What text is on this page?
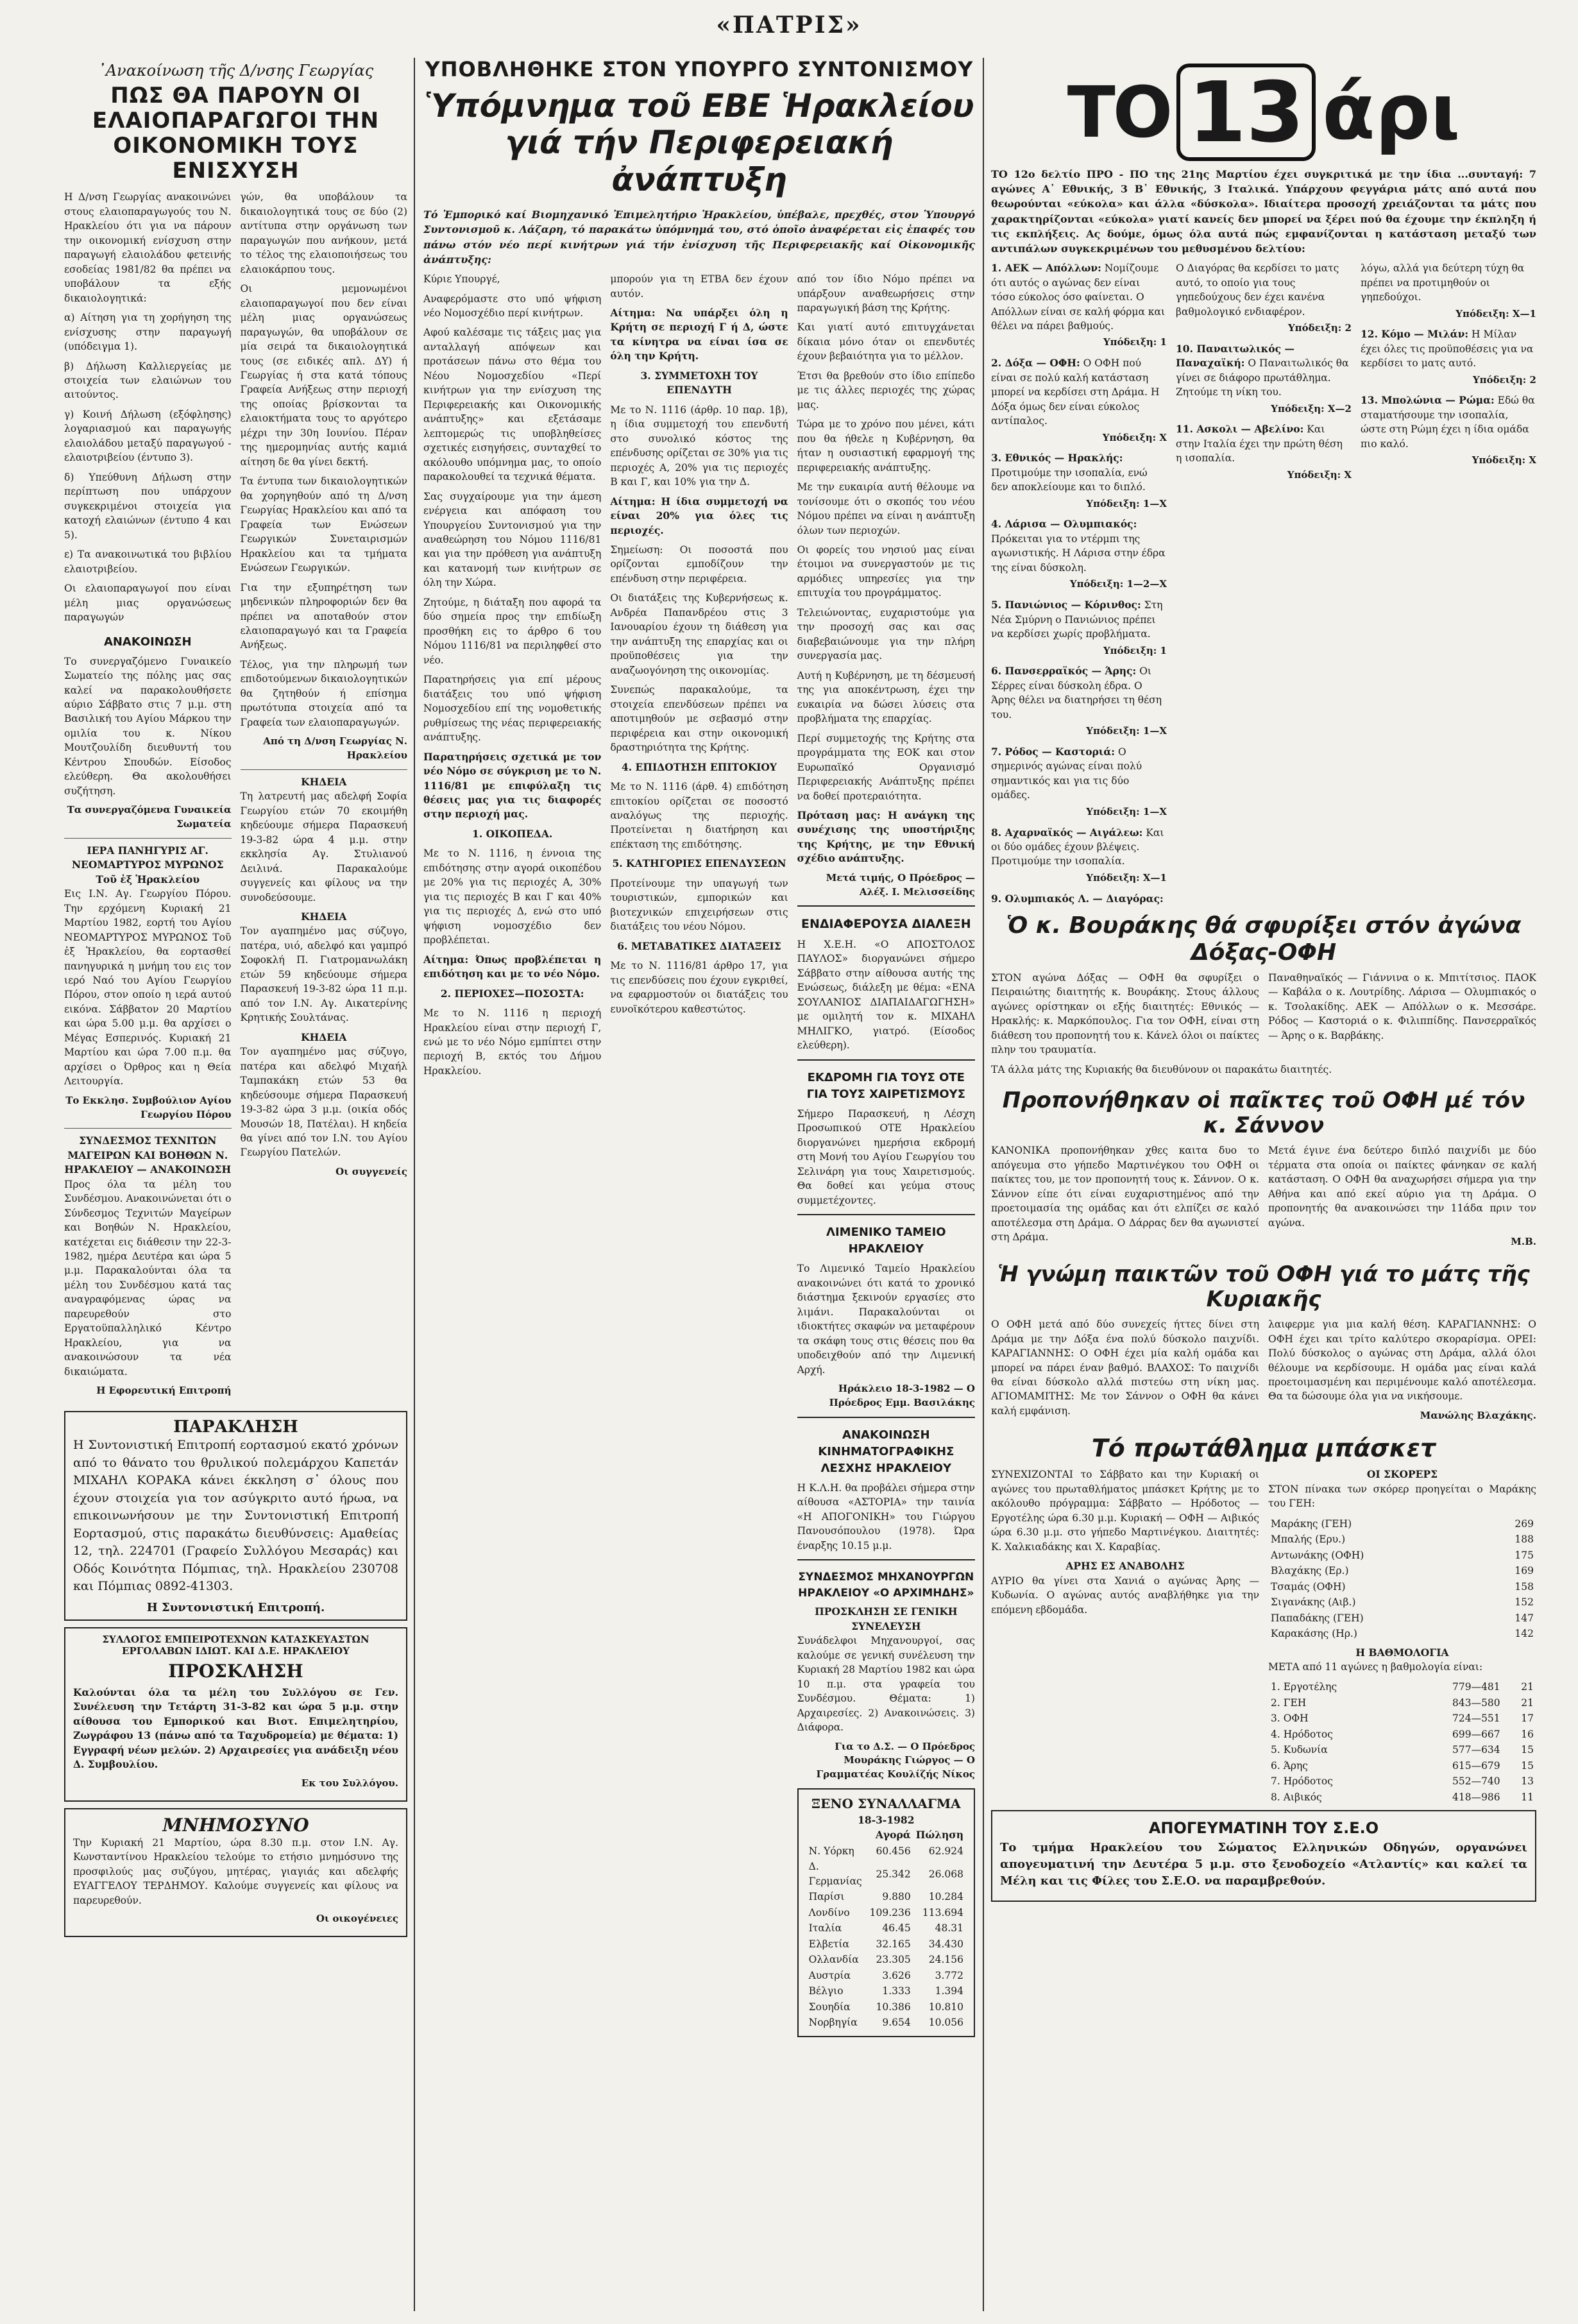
«ΠΑΤΡΙΣ»
᾽Ανακοίνωση τῆς Δ/νσης Γεωργίας
ΠΩΣ ΘΑ ΠΑΡΟΥΝ ΟΙ ΕΛΑΙΟΠΑΡΑΓΩΓΟΙ ΤΗΝ ΟΙΚΟΝΟΜΙΚΗ ΤΟΥΣ ΕΝΙΣΧΥΣΗ

Η Δ/νση Γεωργίας ανακοινώνει στους ελαιοπαραγωγούς του Ν. Ηρακλείου ότι για να πάρουν την οικονομική ενίσχυση στην παραγωγή ελαιολάδου φετεινής εσοδείας 1981/82 θα πρέπει να υποβάλουν τα εξής δικαιολογητικά:

α) Αίτηση για τη χορήγηση της ενίσχυσης στην παραγωγή (υπόδειγμα 1).

β) Δήλωση Καλλιεργείας με στοιχεία των ελαιώνων του αιτούντος.

γ) Κοινή Δήλωση (εξόφλησης) λογαριασμού και παραγωγής ελαιολάδου μεταξύ παραγωγού - ελαιοτριβείου (έντυπο 3).

δ) Υπεύθυνη Δήλωση στην περίπτωση που υπάρχουν συγκεκριμένοι στοιχεία για κατοχή ελαιώνων (έντυπο 4 και 5).

ε) Τα ανακοινωτικά του βιβλίου ελαιοτριβείου.

Οι ελαιοπαραγωγοί που είναι μέλη μιας οργανώσεως παραγωγών

ΑΝΑΚΟΙΝΩΣΗ

Το συνεργαζόμενο Γυναικείο Σωματείο της πόλης μας σας καλεί να παρακολουθήσετε αύριο Σάββατο στις 7 μ.μ. στη Βασιλική του Αγίου Μάρκου την ομιλία του κ. Νίκου Μουτζουλίδη διευθυντή του Κέντρου Σπουδών. Είσοδος ελεύθερη. Θα ακολουθήσει συζήτηση.

Τα συνεργαζόμενα Γυναικεία Σωματεία
ΙΕΡΑ ΠΑΝΗΓΥΡΙΣ ΑΓ. ΝΕΟΜΑΡΤΥΡΟΣ ΜΥΡΩΝΟΣ Τοῦ ἐξ Ἡρακλείου

Εις Ι.Ν. Αγ. Γεωργίου Πόρου. Την ερχόμενη Κυριακή 21 Μαρτίου 1982, εορτή του Αγίου ΝΕΟΜΑΡΤΥΡΟΣ ΜΥΡΩΝΟΣ Τοῦ ἐξ Ἡρακλείου, θα εορτασθεί πανηγυρικά η μνήμη του εις τον ιερό Ναό του Αγίου Γεωργίου Πόρου, στον οποίο η ιερά αυτού εικόνα. Σάββατον 20 Μαρτίου και ώρα 5.00 μ.μ. θα αρχίσει ο Μέγας Εσπερινός. Κυριακή 21 Μαρτίου και ώρα 7.00 π.μ. θα αρχίσει ο Όρθρος και η Θεία Λειτουργία.

Το Εκκλησ. Συμβούλιον Αγίου Γεωργίου Πόρου
ΣΥΝΔΕΣΜΟΣ ΤΕΧΝΙΤΩΝ ΜΑΓΕΙΡΩΝ ΚΑΙ ΒΟΗΘΩΝ Ν. ΗΡΑΚΛΕΙΟΥ — ΑΝΑΚΟΙΝΩΣΗ

Προς όλα τα μέλη του Συνδέσμου. Ανακοινώνεται ότι ο Σύνδεσμος Τεχνιτών Μαγείρων και Βοηθών Ν. Ηρακλείου, κατέχεται εις διάθεσιν την 22-3-1982, ημέρα Δευτέρα και ώρα 5 μ.μ. Παρακαλούνται όλα τα μέλη του Συνδέσμου κατά τας αναγραφόμενας ώρας να παρευρεθούν στο Εργατοϋπαλληλικό Κέντρο Ηρακλείου, για να ανακοινώσουν τα νέα δικαιώματα.

Η Εφορευτική Επιτροπή

γών, θα υποβάλουν τα δικαιολογητικά τους σε δύο (2) αντίτυπα στην οργάνωση των παραγωγών που ανήκουν, μετά το τέλος της ελαιοποιήσεως του ελαιοκάρπου τους.

Οι μεμονωμένοι ελαιοπαραγωγοί που δεν είναι μέλη μιας οργανώσεως παραγωγών, θα υποβάλουν σε μία σειρά τα δικαιολογητικά τους (σε ειδικές απλ. ΔΥ) ή Γεωργίας ή στα κατά τόπους Γραφεία Ανήξεως στην περιοχή της οποίας βρίσκονται τα ελαιοκτήματα τους το αργότερο μέχρι την 30η Ιουνίου. Πέραν της ημερομηνίας αυτής καμιά αίτηση δε θα γίνει δεκτή.

Τα έντυπα των δικαιολογητικών θα χορηγηθούν από τη Δ/νση Γεωργίας Ηρακλείου και από τα Γραφεία των Ενώσεων Γεωργικών Συνεταιρισμών Ηρακλείου και τα τμήματα Ενώσεων Γεωργικών.

Για την εξυπηρέτηση των μηδενικών πληροφοριών δεν θα πρέπει να αποταθούν στον ελαιοπαραγωγό και τα Γραφεία Ανήξεως.

Τέλος, για την πληρωμή των επιδοτούμενων δικαιολογητικών θα ζητηθούν ή επίσημα πρωτότυπα στοιχεία από τα Γραφεία των ελαιοπαραγωγών.

Από τη Δ/νση Γεωργίας Ν. Ηρακλείου
ΚΗΔΕΙΑ

Τη λατρευτή μας αδελφή Σοφία Γεωργίου ετών 70 εκοιμήθη κηδεύουμε σήμερα Παρασκευή 19-3-82 ώρα 4 μ.μ. στην εκκλησία Αγ. Στυλιανού Δειλινά. Παρακαλούμε συγγενείς και φίλους να την συνοδεύσουμε.

ΚΗΔΕΙΑ

Τον αγαπημένο μας σύζυγο, πατέρα, υιό, αδελφό και γαμπρό Σοφοκλή Π. Γιατρομανωλάκη ετών 59 κηδεύουμε σήμερα Παρασκευή 19-3-82 ώρα 11 π.μ. από τον Ι.Ν. Αγ. Αικατερίνης Κρητικής Σουλτάνας.

ΚΗΔΕΙΑ

Τον αγαπημένο μας σύζυγο, πατέρα και αδελφό Μιχαήλ Ταμπακάκη ετών 53 θα κηδεύσουμε σήμερα Παρασκευή 19-3-82 ώρα 3 μ.μ. (οικία οδός Μουσών 18, Πατέλαι). Η κηδεία θα γίνει από τον Ι.Ν. του Αγίου Γεωργίου Πατελών.

Οι συγγενείς
ΠΑΡΑΚΛΗΣΗ

Η Συντονιστική Επιτροπή εορτασμού εκατό χρόνων από το θάνατο του θρυλικού πολεμάρχου Καπετάν ΜΙΧΑΗΛ ΚΟΡΑΚΑ κάνει έκκληση σ᾽ όλους που έχουν στοιχεία για τον ασύγκριτο αυτό ήρωα, να επικοινωνήσουν με την Συντονιστική Επιτροπή Εορτασμού, στις παρακάτω διευθύνσεις: Αμαθείας 12, τηλ. 224701 (Γραφείο Συλλόγου Μεσαράς) και Οδός Κοινότητα Πόμπιας, τηλ. Ηρακλείου 230708 και Πόμπιας 0892-41303.

Η Συντονιστική Επιτροπή.
ΣΥΛΛΟΓΟΣ ΕΜΠΕΙΡΟΤΕΧΝΩΝ ΚΑΤΑΣΚΕΥΑΣΤΩΝ ΕΡΓΟΛΑΒΩΝ ΙΔΙΩΤ. ΚΑΙ Δ.Ε. ΗΡΑΚΛΕΙΟΥ
ΠΡΟΣΚΛΗΣΗ

Καλούνται όλα τα μέλη του Συλλόγου σε Γεν. Συνέλευση την Τετάρτη 31-3-82 και ώρα 5 μ.μ. στην αίθουσα του Εμπορικού και Βιοτ. Επιμελητηρίου, Ζωγράφου 13 (πάνω από τα Ταχυδρομεία) με θέματα: 1) Εγγραφή νέων μελών. 2) Αρχαιρεσίες για ανάδειξη νέου Δ. Συμβουλίου.

Εκ του Συλλόγου.
ΜΝΗΜΟΣΥΝΟ

Την Κυριακή 21 Μαρτίου, ώρα 8.30 π.μ. στον Ι.Ν. Αγ. Κωνσταντίνου Ηρακλείου τελούμε το ετήσιο μνημόσυνο της προσφιλούς μας συζύγου, μητέρας, γιαγιάς και αδελφής ΕΥΑΓΓΕΛΟΥ ΤΕΡΔΗΜΟΥ. Καλούμε συγγενείς και φίλους να παρευρεθούν.

Οι οικογένειες
ΥΠΟΒΛΗΘΗΚΕ ΣΤΟΝ ΥΠΟΥΡΓΟ ΣΥΝΤΟΝΙΣΜΟΥ
Ὑπόμνημα τοῦ ΕΒΕ Ἡρακλείου
γιά τήν Περιφερειακή ἀνάπτυξη

Τό Ἐμπορικό καί Βιομηχανικό Ἐπιμελητήριο Ἡρακλείου, ὑπέβαλε, πρεχθές, στον Ὑπουργό Συντονισμοῦ κ. Λάζαρη, τό παρακάτω ὑπόμνημά του, στό ὁποῖο ἀναφέρεται εἰς ἐπαφές του πάνω στόν νέο περί κινήτρων γιά τήν ἐνίσχυση τῆς Περιφερειακῆς καί Οἰκονομικῆς ἀνάπτυξης:

Κύριε Υπουργέ,

Αναφερόμαστε στο υπό ψήφιση νέο Νομοσχέδιο περί κινήτρων.

Αφού καλέσαμε τις τάξεις μας για ανταλλαγή απόψεων και προτάσεων πάνω στο θέμα του Νέου Νομοσχεδίου «Περί κινήτρων για την ενίσχυση της Περιφερειακής και Οικονομικής ανάπτυξης» και εξετάσαμε λεπτομερώς τις υποβληθείσες σχετικές εισηγήσεις, συνταχθεί το ακόλουθο υπόμνημα μας, το οποίο παρακολουθεί τα τεχνικά θέματα.

Σας συγχαίρουμε για την άμεση ενέργεια και απόφαση του Υπουργείου Συντονισμού για την αναθεώρηση του Νόμου 1116/81 και για την πρόθεση για ανάπτυξη και κατανομή των κινήτρων σε όλη την Χώρα.

Ζητούμε, η διάταξη που αφορά τα δύο σημεία προς την επιδίωξη προσθήκη εις το άρθρο 6 του Νόμου 1116/81 να περιληφθεί στο νέο.

Παρατηρήσεις για επί μέρους διατάξεις του υπό ψήφιση Νομοσχεδίου επί της νομοθετικής ρυθμίσεως της νέας περιφερειακής ανάπτυξης.

Παρατηρήσεις σχετικά με τον νέο Νόμο σε σύγκριση με το Ν. 1116/81 με επιφύλαξη τις θέσεις μας για τις διαφορές στην περιοχή μας.

1. ΟΙΚΟΠΕΔΑ.

Με το Ν. 1116, η έννοια της επιδότησης στην αγορά οικοπέδου με 20% για τις περιοχές Α, 30% για τις περιοχές Β και Γ και 40% για τις περιοχές Δ, ενώ στο υπό ψήφιση νομοσχέδιο δεν προβλέπεται.

Αίτημα: Όπως προβλέπεται η επιδότηση και με το νέο Νόμο.

2. ΠΕΡΙΟΧΕΣ—ΠΟΣΟΣΤΑ:

Με το Ν. 1116 η περιοχή Ηρακλείου είναι στην περιοχή Γ, ενώ με το νέο Νόμο εμπίπτει στην περιοχή Β, εκτός του Δήμου Ηρακλείου.

μπορούν για τη ΕΤΒΑ δεν έχουν αυτόν.

Αίτημα: Να υπάρξει όλη η Κρήτη σε περιοχή Γ ή Δ, ώστε τα κίνητρα να είναι ίσα σε όλη την Κρήτη.

3. ΣΥΜΜΕΤΟΧΗ ΤΟΥ ΕΠΕΝΔΥΤΗ

Με το Ν. 1116 (άρθρ. 10 παρ. 1β), η ίδια συμμετοχή του επενδυτή στο συνολικό κόστος της επένδυσης ορίζεται σε 30% για τις περιοχές Α, 20% για τις περιοχές Β και Γ, και 10% για την Δ.

Αίτημα: Η ίδια συμμετοχή να είναι 20% για όλες τις περιοχές.

Σημείωση: Οι ποσοστά που ορίζονται εμποδίζουν την επένδυση στην περιφέρεια.

Οι διατάξεις της Κυβερνήσεως κ. Ανδρέα Παπανδρέου στις 3 Ιανουαρίου έχουν τη διάθεση για την ανάπτυξη της επαρχίας και οι προϋποθέσεις για την αναζωογόνηση της οικονομίας.

Συνεπώς παρακαλούμε, τα στοιχεία επενδύσεων πρέπει να αποτιμηθούν με σεβασμό στην περιφέρεια και στην οικονομική δραστηριότητα της Κρήτης.

4. ΕΠΙΔΟΤΗΣΗ ΕΠΙΤΟΚΙΟΥ

Με το Ν. 1116 (άρθ. 4) επιδότηση επιτοκίου ορίζεται σε ποσοστό αναλόγως της περιοχής. Προτείνεται η διατήρηση και επέκταση της επιδότησης.

5. ΚΑΤΗΓΟΡΙΕΣ ΕΠΕΝΔΥΣΕΩΝ

Προτείνουμε την υπαγωγή των τουριστικών, εμπορικών και βιοτεχνικών επιχειρήσεων στις διατάξεις του νέου Νόμου.

6. ΜΕΤΑΒΑΤΙΚΕΣ ΔΙΑΤΑΞΕΙΣ

Με το Ν. 1116/81 άρθρο 17, για τις επενδύσεις που έχουν εγκριθεί, να εφαρμοστούν οι διατάξεις του ευνοϊκότερου καθεστώτος.

από τον ίδιο Νόμο πρέπει να υπάρξουν αναθεωρήσεις στην παραγωγική βάση της Κρήτης.

Και γιατί αυτό επιτυγχάνεται δίκαια μόνο όταν οι επενδυτές έχουν βεβαιότητα για το μέλλον.

Έτσι θα βρεθούν στο ίδιο επίπεδο με τις άλλες περιοχές της χώρας μας.

Τώρα με το χρόνο που μένει, κάτι που θα ήθελε η Κυβέρνηση, θα ήταν η ουσιαστική εφαρμογή της περιφερειακής ανάπτυξης.

Με την ευκαιρία αυτή θέλουμε να τονίσουμε ότι ο σκοπός του νέου Νόμου πρέπει να είναι η ανάπτυξη όλων των περιοχών.

Οι φορείς του νησιού μας είναι έτοιμοι να συνεργαστούν με τις αρμόδιες υπηρεσίες για την επιτυχία του προγράμματος.

Τελειώνοντας, ευχαριστούμε για την προσοχή σας και σας διαβεβαιώνουμε για την πλήρη συνεργασία μας.

Αυτή η Κυβέρνηση, με τη δέσμευσή της για αποκέντρωση, έχει την ευκαιρία να δώσει λύσεις στα προβλήματα της επαρχίας.

Περί συμμετοχής της Κρήτης στα προγράμματα της ΕΟΚ και στον Ευρωπαϊκό Οργανισμό Περιφερειακής Ανάπτυξης πρέπει να δοθεί προτεραιότητα.

Πρόταση μας: Η ανάγκη της συνέχισης της υποστήριξης της Κρήτης, με την Εθνική σχέδιο ανάπτυξης.

Μετά τιμής, Ο Πρόεδρος — Αλέξ. Ι. Μελισσείδης
ΕΝΔΙΑΦΕΡΟΥΣΑ ΔΙΑΛΕΞΗ

Η Χ.Ε.Η. «Ο ΑΠΟΣΤΟΛΟΣ ΠΑΥΛΟΣ» διοργανώνει σήμερο Σάββατο στην αίθουσα αυτής της Ενώσεως, διάλεξη με θέμα: «ΕΝΑ ΣΟΥΛΑΝΙΟΣ ΔΙΑΠΑΙΔΑΓΩΓΗΣΗ» με ομιλητή τον κ. ΜΙΧΑΗΛ ΜΗΛΙΓΚΟ, γιατρό. (Είσοδος ελεύθερη).

ΕΚΔΡΟΜΗ ΓΙΑ ΤΟΥΣ ΟΤΕ ΓΙΑ ΤΟΥΣ ΧΑΙΡΕΤΙΣΜΟΥΣ

Σήμερο Παρασκευή, η Λέσχη Προσωπικού ΟΤΕ Ηρακλείου διοργανώνει ημερήσια εκδρομή στη Μονή του Αγίου Γεωργίου του Σελινάρη για τους Χαιρετισμούς. Θα δοθεί και γεύμα στους συμμετέχοντες.

ΛΙΜΕΝΙΚΟ ΤΑΜΕΙΟ ΗΡΑΚΛΕΙΟΥ

Το Λιμενικό Ταμείο Ηρακλείου ανακοινώνει ότι κατά το χρονικό διάστημα ξεκινούν εργασίες στο λιμάνι. Παρακαλούνται οι ιδιοκτήτες σκαφών να μεταφέρουν τα σκάφη τους στις θέσεις που θα υποδειχθούν από την Λιμενική Αρχή.

Ηράκλειο 18-3-1982 — Ο Πρόεδρος Εμμ. Βασιλάκης
ΑΝΑΚΟΙΝΩΣΗ ΚΙΝΗΜΑΤΟΓΡΑΦΙΚΗΣ ΛΕΣΧΗΣ ΗΡΑΚΛΕΙΟΥ

Η Κ.Λ.Η. θα προβάλει σήμερα στην αίθουσα «ΑΣΤΟΡΙΑ» την ταινία «Η ΑΠΟΓΟΝΙΚΗ» του Γιώργου Πανουσόπουλου (1978). Ώρα έναρξης 10.15 μ.μ.

ΣΥΝΔΕΣΜΟΣ ΜΗΧΑΝΟΥΡΓΩΝ ΗΡΑΚΛΕΙΟΥ «Ο ΑΡΧΙΜΗΔΗΣ»
ΠΡΟΣΚΛΗΣΗ ΣΕ ΓΕΝΙΚΗ ΣΥΝΕΛΕΥΣΗ

Συνάδελφοι Μηχανουργοί, σας καλούμε σε γενική συνέλευση την Κυριακή 28 Μαρτίου 1982 και ώρα 10 π.μ. στα γραφεία του Συνδέσμου. Θέματα: 1) Αρχαιρεσίες. 2) Ανακοινώσεις. 3) Διάφορα.

Για το Δ.Σ. — Ο Πρόεδρος Μουράκης Γιώργος — Ο Γραμματέας Κουλίζής Νίκος
ΞΕΝΟ ΣΥΝΑΛΛΑΓΜΑ
18-3-1982
	Αγορά	Πώληση
Ν. Υόρκη	60.456	62.924
Δ. Γερμανίας	25.342	26.068
Παρίσι	9.880	10.284
Λονδίνο	109.236	113.694
Ιταλία	46.45	48.31
Ελβετία	32.165	34.430
Ολλανδία	23.305	24.156
Αυστρία	3.626	3.772
Βέλγιο	1.333	1.394
Σουηδία	10.386	10.810
Νορβηγία	9.654	10.056
ΤΟ 13 άρι

ΤΟ 12ο δελτίο ΠΡΟ - ΠΟ της 21ης Μαρτίου έχει συγκριτικά με την ίδια ...συνταγή: 7 αγώνες Α᾽ Εθνικής, 3 Β᾽ Εθνικής, 3 Ιταλικά. Υπάρχουν φεγγάρια μάτς από αυτά που θεωρούνται «εύκολα» και άλλα «δύσκολα». Ιδιαίτερα προσοχή χρειάζονται τα μάτς που χαρακτηρίζονται «εύκολα» γιατί κανείς δεν μπορεί να ξέρει πού θα έχουμε την έκπληξη ή τις εκπλήξεις. Ας δούμε, όμως όλα αυτά πώς εμφανίζονται η κατάσταση μεταξύ των αντιπάλων συγκεκριμένων του μεθυσμένου δελτίου:

1. ΑΕΚ — Απόλλων: Νομίζουμε ότι αυτός ο αγώνας δεν είναι τόσο εύκολος όσο φαίνεται. Ο Απόλλων είναι σε καλή φόρμα και θέλει να πάρει βαθμούς.
Υπόδειξη: 1
2. Δόξα — ΟΦΗ: Ο ΟΦΗ πού είναι σε πολύ καλή κατάσταση μπορεί να κερδίσει στη Δράμα. Η Δόξα όμως δεν είναι εύκολος αντίπαλος.
Υπόδειξη: Χ
3. Εθνικός — Ηρακλής: Προτιμούμε την ισοπαλία, ενώ δεν αποκλείουμε και το διπλό.
Υπόδειξη: 1—Χ
4. Λάρισα — Ολυμπιακός: Πρόκειται για το ντέρμπι της αγωνιστικής. Η Λάρισα στην έδρα της είναι δύσκολη.
Υπόδειξη: 1—2—Χ
5. Πανιώνιος — Κόρινθος: Στη Νέα Σμύρνη ο Πανιώνιος πρέπει να κερδίσει χωρίς προβλήματα.
Υπόδειξη: 1
6. Πανσερραϊκός — Άρης: Οι Σέρρες είναι δύσκολη έδρα. Ο Άρης θέλει να διατηρήσει τη θέση του.
Υπόδειξη: 1—Χ
7. Ρόδος — Καστοριά: Ο σημερινός αγώνας είναι πολύ σημαντικός και για τις δύο ομάδες.
Υπόδειξη: 1—Χ
8. Αχαρναϊκός — Αιγάλεω: Και οι δύο ομάδες έχουν βλέψεις. Προτιμούμε την ισοπαλία.
Υπόδειξη: Χ—1
9. Ολυμπιακός Λ. — Διαγόρας:
Ο Διαγόρας θα κερδίσει το ματς αυτό, το οποίο για τους γηπεδούχους δεν έχει κανένα βαθμολογικό ενδιαφέρον.
Υπόδειξη: 2
10. Παναιτωλικός — Παναχαϊκή: Ο Παναιτωλικός θα γίνει σε διάφορο πρωτάθλημα. Ζητούμε τη νίκη του.
Υπόδειξη: Χ—2
11. Ασκολι — Αβελίνο: Και στην Ιταλία έχει την πρώτη θέση η ισοπαλία.
Υπόδειξη: Χ
λόγω, αλλά για δεύτερη τύχη θα πρέπει να προτιμηθούν οι γηπεδούχοι.
Υπόδειξη: Χ—1
12. Κόμο — Μιλάν: Η Μίλαν έχει όλες τις προϋποθέσεις για να κερδίσει το ματς αυτό.
Υπόδειξη: 2
13. Μπολώνια — Ρώμα: Εδώ θα σταματήσουμε την ισοπαλία, ώστε στη Ρώμη έχει η ίδια ομάδα πιο καλό.
Υπόδειξη: Χ
Ὁ κ. Βουράκης θά σφυρίξει στόν ἀγώνα Δόξας-ΟΦΗ

ΣΤΟΝ αγώνα Δόξας — ΟΦΗ θα σφυρίξει ο Πειραιώτης διαιτητής κ. Βουράκης. Στους άλλους αγώνες ορίστηκαν οι εξής διαιτητές: Εθνικός — Ηρακλής: κ. Μαρκόπουλος. Για τον ΟΦΗ, είναι στη διάθεση του προπονητή του κ. Κάνελ όλοι οι παίκτες πλην του τραυματία.

Παναθηναϊκός — Γιάννινα ο κ. Μπιτίτσιος. ΠΑΟΚ — Καβάλα ο κ. Λουτρίδης. Λάρισα — Ολυμπιακός ο κ. Τσολακίδης. ΑΕΚ — Απόλλων ο κ. Μεσσάρε. Ρόδος — Καστοριά ο κ. Φιλιππίδης. Πανσερραϊκός — Άρης ο κ. Βαρβάκης.

ΤΑ άλλα μάτς της Κυριακής θα διευθύνουν οι παρακάτω διαιτητές.

Προπονήθηκαν οἱ παῖκτες τοῦ ΟΦΗ μέ τόν κ. Σάννον

ΚΑΝΟΝΙΚΑ προπονήθηκαν χθες καιτα δυο το απόγευμα στο γήπεδο Μαρτινέγκου του ΟΦΗ οι παίκτες του, με τον προπονητή τους κ. Σάννον. Ο κ. Σάννον είπε ότι είναι ευχαριστημένος από την προετοιμασία της ομάδας και ότι ελπίζει σε καλό αποτέλεσμα στη Δράμα. Ο Δάρρας δεν θα αγωνιστεί στη Δράμα.

Μετά έγινε ένα δεύτερο διπλό παιχνίδι με δύο τέρματα στα οποία οι παίκτες φάνηκαν σε καλή κατάσταση. Ο ΟΦΗ θα αναχωρήσει σήμερα για την Αθήνα και από εκεί αύριο για τη Δράμα. Ο προπονητής θα ανακοινώσει την 11άδα πριν τον αγώνα.

Μ.Β.
Ἡ γνώμη παικτῶν τοῦ ΟΦΗ γιά το μάτς τῆς Κυριακῆς

Ο ΟΦΗ μετά από δύο συνεχείς ήττες δίνει στη Δράμα με την Δόξα ένα πολύ δύσκολο παιχνίδι. ΚΑΡΑΓΙΑΝΝΗΣ: Ο ΟΦΗ έχει μία καλή ομάδα και μπορεί να πάρει έναν βαθμό. ΒΛΑΧΟΣ: Το παιχνίδι θα είναι δύσκολο αλλά πιστεύω στη νίκη μας. ΑΓΙΟΜΑΜΙΤΗΣ: Με τον Σάννον ο ΟΦΗ θα κάνει καλή εμφάνιση.

λαιφερμε για μια καλή θέση. ΚΑΡΑΓΙΑΝΝΗΣ: Ο ΟΦΗ έχει και τρίτο καλύτερο σκοραρίσμα. ΟΡΕΙ: Πολύ δύσκολος ο αγώνας στη Δράμα, αλλά όλοι θέλουμε να κερδίσουμε. Η ομάδα μας είναι καλά προετοιμασμένη και περιμένουμε καλό αποτέλεσμα. Θα τα δώσουμε όλα για να νικήσουμε.

Μανώλης Βλαχάκης.
Τό πρωτάθλημα μπάσκετ

ΣΥΝΕΧΙΖΟΝΤΑΙ το Σάββατο και την Κυριακή οι αγώνες του πρωταθλήματος μπάσκετ Κρήτης με το ακόλουθο πρόγραμμα: Σάββατο — Ηρόδοτος — Εργοτέλης ώρα 6.30 μ.μ. Κυριακή — ΟΦΗ — Αιβικός ώρα 6.30 μ.μ. στο γήπεδο Μαρτινέγκου. Διαιτητές: Κ. Χαλκιαδάκης και Χ. Καραβίας.

ΑΡΗΣ ΕΣ ΑΝΑΒΟΛΗΣ

ΑΥΡΙΟ θα γίνει στα Χανιά ο αγώνας Άρης — Κυδωνία. Ο αγώνας αυτός αναβλήθηκε για την επόμενη εβδομάδα.

ΟΙ ΣΚΟΡΕΡΣ

ΣΤΟΝ πίνακα των σκόρερ προηγείται ο Μαράκης του ΓΕΗ:

Μαράκης (ΓΕΗ)	269
Μπαλής (Ερυ.)	188
Αντωνάκης (ΟΦΗ)	175
Βλαχάκης (Ερ.)	169
Τσαμάς (ΟΦΗ)	158
Σιγανάκης (Αιβ.)	152
Παπαδάκης (ΓΕΗ)	147
Καρακάσης (Ηρ.)	142
Η ΒΑΘΜΟΛΟΓΙΑ

ΜΕΤΑ από 11 αγώνες η βαθμολογία είναι:

1. Εργοτέλης	779—481	21
2. ΓΕΗ	843—580	21
3. ΟΦΗ	724—551	17
4. Ηρόδοτος	699—667	16
5. Κυδωνία	577—634	15
6. Άρης	615—679	15
7. Ηρόδοτος	552—740	13
8. Αιβικός	418—986	11
ΑΠΟΓΕΥΜΑΤΙΝΗ ΤΟΥ Σ.Ε.Ο

Το τμήμα Ηρακλείου του Σώματος Ελληνικών Οδηγών, οργανώνει απογευματινή την Δευτέρα 5 μ.μ. στο ξενοδοχείο «Ατλαντίς» και καλεί τα Μέλη και τις Φίλες του Σ.Ε.Ο. να παραμβρεθούν.
